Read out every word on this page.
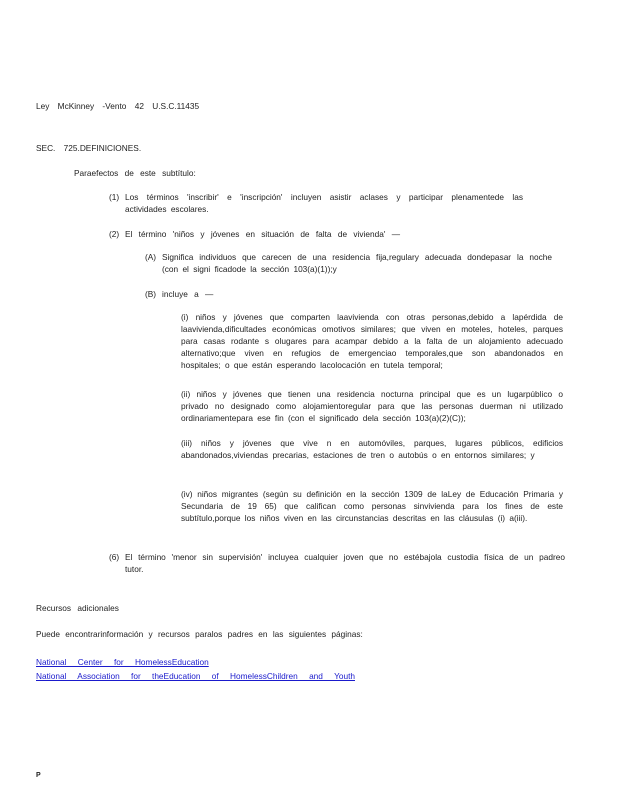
Ley McKinney -Vento 42 U.S.C.11435
SEC. 725.DEFINICIONES.
Paraefectos de este subtítulo:
(1) Los términos 'inscribir' e 'inscripción' incluyen asistir aclases y participar plenamentede las actividades escolares.
(2) El término 'niños y jóvenes en situación de falta de vivienda' —
(A) Significa individuos que carecen de una residencia fija,regulary adecuada dondepasar la noche (con el signi ficadode la sección 103(a)(1));y
(B) incluye a —
(i) niños y jóvenes que comparten laavivienda con otras personas,debido a lapérdida de laavivienda,dificultades económicas omotivos similares; que viven en moteles, hoteles, parques para casas rodante s olugares para acampar debido a la falta de un alojamiento adecuado alternativo;que viven en refugios de emergenciao temporales,que son abandonados en hospitales; o que están esperando lacolocación en tutela temporal;
(ii) niños y jóvenes que tienen una residencia nocturna principal que es un lugarpúblico o privado no designado como alojamientoregular para que las personas duerman ni utilizado ordinariamentepara ese fin (con el significado dela sección 103(a)(2)(C));
(iii) niños y jóvenes que vive n en automóviles, parques, lugares públicos, edificios abandonados,viviendas precarias, estaciones de tren o autobús o en entornos similares; y
(iv) niños migrantes (según su definición en la sección 1309 de laLey de Educación Primaria y Secundaria de 19 65) que califican como personas sinvivienda para los fines de este subtítulo,porque los niños viven en las circunstancias descritas en las cláusulas (i) a(iii).
(6) El término 'menor sin supervisión' incluyea cualquier joven que no estébajola custodia física de un padreo tutor.
Recursos adicionales
Puede encontrarinformación y recursos paralos padres en las siguientes páginas:
National Center for HomelessEducation
National Association for theEducation of HomelessChildren and Youth
P
